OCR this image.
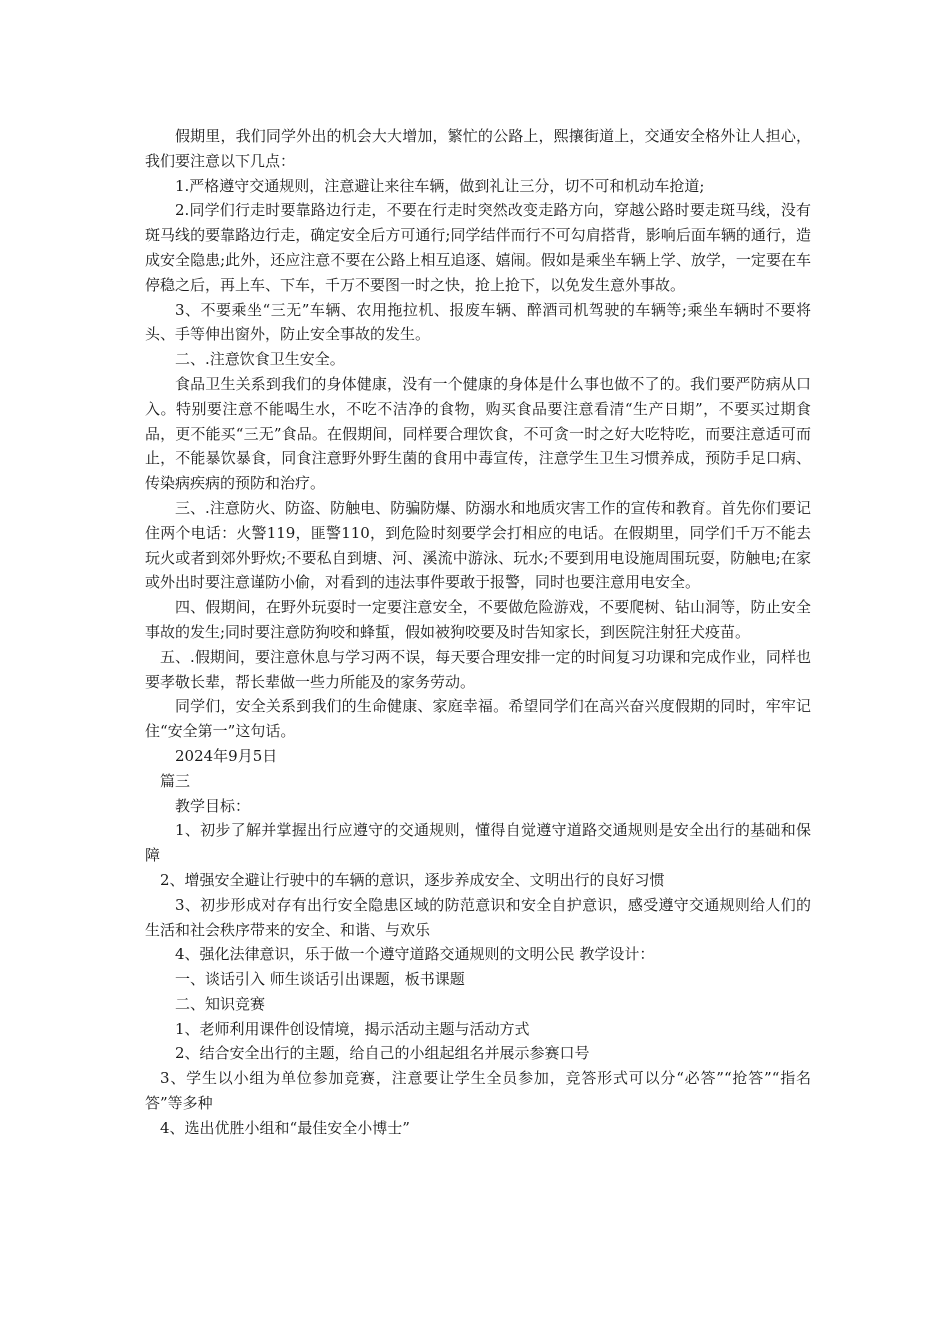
假期里，我们同学外出的机会大大增加，繁忙的公路上，熙攘街道上，交通安全格外让人担心，我们要注意以下几点：

1.严格遵守交通规则，注意避让来往车辆，做到礼让三分，切不可和机动车抢道;

2.同学们行走时要靠路边行走，不要在行走时突然改变走路方向，穿越公路时要走斑马线，没有斑马线的要靠路边行走，确定安全后方可通行;同学结伴而行不可勾肩搭背，影响后面车辆的通行，造成安全隐患;此外，还应注意不要在公路上相互追逐、嬉闹。假如是乘坐车辆上学、放学，一定要在车停稳之后，再上车、下车，千万不要图一时之快，抢上抢下，以免发生意外事故。

3、不要乘坐“三无”车辆、农用拖拉机、报废车辆、醉酒司机驾驶的车辆等;乘坐车辆时不要将头、手等伸出窗外，防止安全事故的发生。

二、.注意饮食卫生安全。

食品卫生关系到我们的身体健康，没有一个健康的身体是什么事也做不了的。我们要严防病从口入。特别要注意不能喝生水，不吃不洁净的食物，购买食品要注意看清“生产日期”，不要买过期食品，更不能买“三无”食品。在假期间，同样要合理饮食，不可贪一时之好大吃特吃，而要注意适可而止，不能暴饮暴食，同食注意野外野生菌的食用中毒宣传，注意学生卫生习惯养成，预防手足口病、传染病疾病的预防和治疗。

三、.注意防火、防盗、防触电、防骗防爆、防溺水和地质灾害工作的宣传和教育。首先你们要记住两个电话：火警119，匪警110，到危险时刻要学会打相应的电话。在假期里，同学们千万不能去玩火或者到郊外野炊;不要私自到塘、河、溪流中游泳、玩水;不要到用电设施周围玩耍，防触电;在家或外出时要注意谨防小偷，对看到的违法事件要敢于报警，同时也要注意用电安全。

四、假期间，在野外玩耍时一定要注意安全，不要做危险游戏，不要爬树、钻山洞等，防止安全事故的发生;同时要注意防狗咬和蜂蜇，假如被狗咬要及时告知家长，到医院注射狂犬疫苗。

五、.假期间，要注意休息与学习两不误，每天要合理安排一定的时间复习功课和完成作业，同样也要孝敬长辈，帮长辈做一些力所能及的家务劳动。

同学们，安全关系到我们的生命健康、家庭幸福。希望同学们在高兴奋兴度假期的同时，牢牢记住“安全第一”这句话。

2024年9月5日

篇三

教学目标：

1、初步了解并掌握出行应遵守的交通规则，懂得自觉遵守道路交通规则是安全出行的基础和保障

2、增强安全避让行驶中的车辆的意识，逐步养成安全、文明出行的良好习惯

3、初步形成对存有出行安全隐患区域的防范意识和安全自护意识，感受遵守交通规则给人们的生活和社会秩序带来的安全、和谐、与欢乐

4、强化法律意识，乐于做一个遵守道路交通规则的文明公民 教学设计：

一、谈话引入 师生谈话引出课题，板书课题

二、知识竞赛

1、老师利用课件创设情境，揭示活动主题与活动方式

2、结合安全出行的主题，给自己的小组起组名并展示参赛口号

3、学生以小组为单位参加竞赛，注意要让学生全员参加，竞答形式可以分“必答”“抢答”“指名答”等多种

4、选出优胜小组和“最佳安全小博士”
